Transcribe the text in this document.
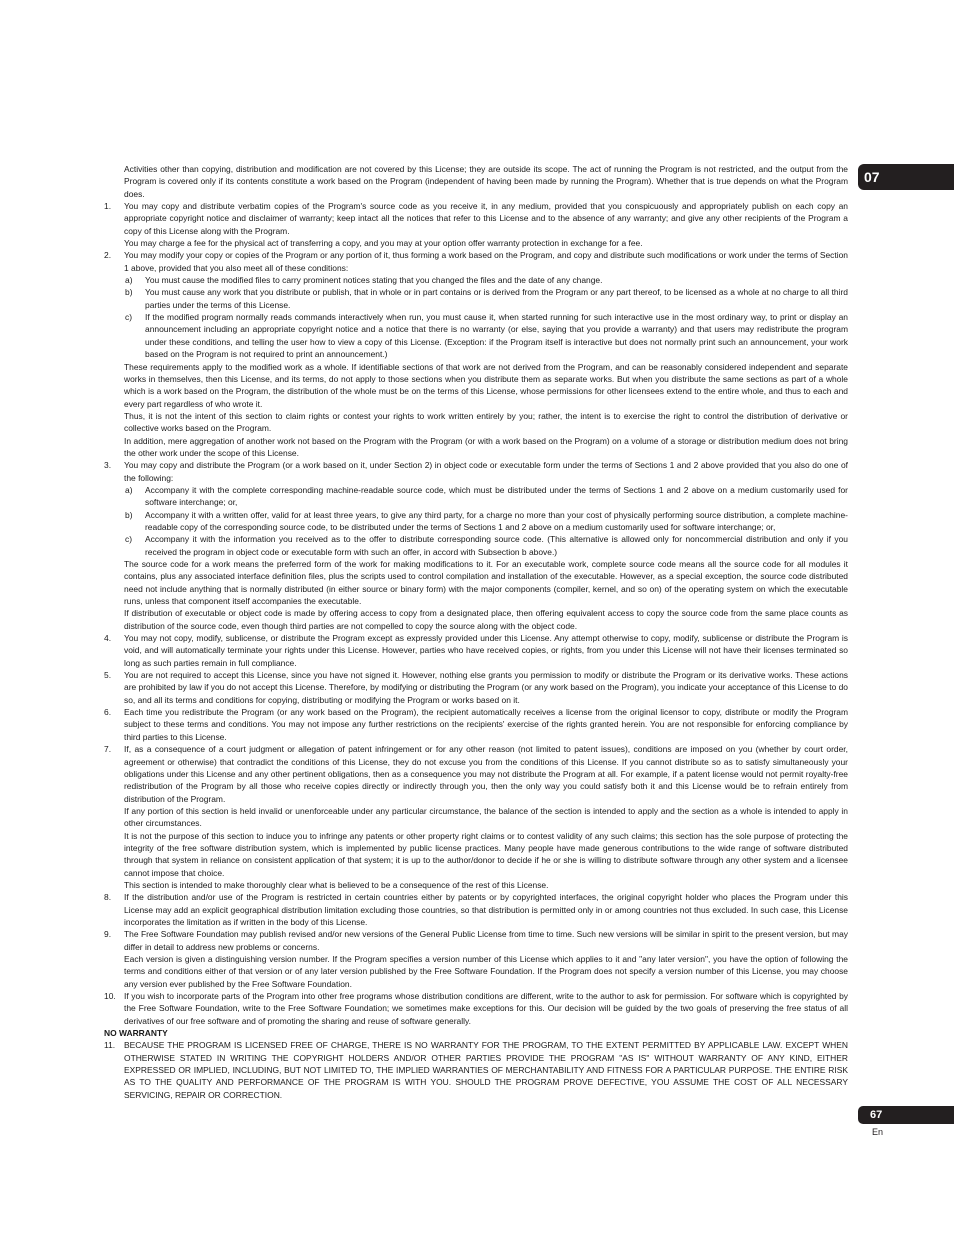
07

Activities other than copying, distribution and modification are not covered by this License; they are outside its scope. The act of running the Program is not restricted, and the output from the Program is covered only if its contents constitute a work based on the Program (independent of having been made by running the Program). Whether that is true depends on what the Program does.

1. You may copy and distribute verbatim copies of the Program's source code as you receive it, in any medium, provided that you conspicuously and appropriately publish on each copy an appropriate copyright notice and disclaimer of warranty; keep intact all the notices that refer to this License and to the absence of any warranty; and give any other recipients of the Program a copy of this License along with the Program.

You may charge a fee for the physical act of transferring a copy, and you may at your option offer warranty protection in exchange for a fee.

2. You may modify your copy or copies of the Program or any portion of it, thus forming a work based on the Program, and copy and distribute such modifications or work under the terms of Section 1 above, provided that you also meet all of these conditions:
a) You must cause the modified files to carry prominent notices stating that you changed the files and the date of any change.
b) You must cause any work that you distribute or publish, that in whole or in part contains or is derived from the Program or any part thereof, to be licensed as a whole at no charge to all third parties under the terms of this License.
c) If the modified program normally reads commands interactively when run, you must cause it, when started running for such interactive use in the most ordinary way, to print or display an announcement including an appropriate copyright notice and a notice that there is no warranty (or else, saying that you provide a warranty) and that users may redistribute the program under these conditions, and telling the user how to view a copy of this License. (Exception: if the Program itself is interactive but does not normally print such an announcement, your work based on the Program is not required to print an announcement.)

These requirements apply to the modified work as a whole. If identifiable sections of that work are not derived from the Program, and can be reasonably considered independent and separate works in themselves, then this License, and its terms, do not apply to those sections when you distribute them as separate works. But when you distribute the same sections as part of a whole which is a work based on the Program, the distribution of the whole must be on the terms of this License, whose permissions for other licensees extend to the entire whole, and thus to each and every part regardless of who wrote it.

Thus, it is not the intent of this section to claim rights or contest your rights to work written entirely by you; rather, the intent is to exercise the right to control the distribution of derivative or collective works based on the Program.

In addition, mere aggregation of another work not based on the Program with the Program (or with a work based on the Program) on a volume of a storage or distribution medium does not bring the other work under the scope of this License.

3. You may copy and distribute the Program (or a work based on it, under Section 2) in object code or executable form under the terms of Sections 1 and 2 above provided that you also do one of the following:
a) Accompany it with the complete corresponding machine-readable source code, which must be distributed under the terms of Sections 1 and 2 above on a medium customarily used for software interchange; or,
b) Accompany it with a written offer, valid for at least three years, to give any third party, for a charge no more than your cost of physically performing source distribution, a complete machine-readable copy of the corresponding source code, to be distributed under the terms of Sections 1 and 2 above on a medium customarily used for software interchange; or,
c) Accompany it with the information you received as to the offer to distribute corresponding source code. (This alternative is allowed only for noncommercial distribution and only if you received the program in object code or executable form with such an offer, in accord with Subsection b above.)

The source code for a work means the preferred form of the work for making modifications to it. For an executable work, complete source code means all the source code for all modules it contains, plus any associated interface definition files, plus the scripts used to control compilation and installation of the executable. However, as a special exception, the source code distributed need not include anything that is normally distributed (in either source or binary form) with the major components (compiler, kernel, and so on) of the operating system on which the executable runs, unless that component itself accompanies the executable.

If distribution of executable or object code is made by offering access to copy from a designated place, then offering equivalent access to copy the source code from the same place counts as distribution of the source code, even though third parties are not compelled to copy the source along with the object code.

4. You may not copy, modify, sublicense, or distribute the Program except as expressly provided under this License. Any attempt otherwise to copy, modify, sublicense or distribute the Program is void, and will automatically terminate your rights under this License. However, parties who have received copies, or rights, from you under this License will not have their licenses terminated so long as such parties remain in full compliance.
5. You are not required to accept this License, since you have not signed it. However, nothing else grants you permission to modify or distribute the Program or its derivative works. These actions are prohibited by law if you do not accept this License. Therefore, by modifying or distributing the Program (or any work based on the Program), you indicate your acceptance of this License to do so, and all its terms and conditions for copying, distributing or modifying the Program or works based on it.
6. Each time you redistribute the Program (or any work based on the Program), the recipient automatically receives a license from the original licensor to copy, distribute or modify the Program subject to these terms and conditions. You may not impose any further restrictions on the recipients' exercise of the rights granted herein. You are not responsible for enforcing compliance by third parties to this License.
7. If, as a consequence of a court judgment or allegation of patent infringement or for any other reason (not limited to patent issues), conditions are imposed on you (whether by court order, agreement or otherwise) that contradict the conditions of this License, they do not excuse you from the conditions of this License. If you cannot distribute so as to satisfy simultaneously your obligations under this License and any other pertinent obligations, then as a consequence you may not distribute the Program at all. For example, if a patent license would not permit royalty-free redistribution of the Program by all those who receive copies directly or indirectly through you, then the only way you could satisfy both it and this License would be to refrain entirely from distribution of the Program.

If any portion of this section is held invalid or unenforceable under any particular circumstance, the balance of the section is intended to apply and the section as a whole is intended to apply in other circumstances.

It is not the purpose of this section to induce you to infringe any patents or other property right claims or to contest validity of any such claims; this section has the sole purpose of protecting the integrity of the free software distribution system, which is implemented by public license practices. Many people have made generous contributions to the wide range of software distributed through that system in reliance on consistent application of that system; it is up to the author/donor to decide if he or she is willing to distribute software through any other system and a licensee cannot impose that choice.

This section is intended to make thoroughly clear what is believed to be a consequence of the rest of this License.

8. If the distribution and/or use of the Program is restricted in certain countries either by patents or by copyrighted interfaces, the original copyright holder who places the Program under this License may add an explicit geographical distribution limitation excluding those countries, so that distribution is permitted only in or among countries not thus excluded. In such case, this License incorporates the limitation as if written in the body of this License.
9. The Free Software Foundation may publish revised and/or new versions of the General Public License from time to time. Such new versions will be similar in spirit to the present version, but may differ in detail to address new problems or concerns.

Each version is given a distinguishing version number. If the Program specifies a version number of this License which applies to it and "any later version", you have the option of following the terms and conditions either of that version or of any later version published by the Free Software Foundation. If the Program does not specify a version number of this License, you may choose any version ever published by the Free Software Foundation.

10. If you wish to incorporate parts of the Program into other free programs whose distribution conditions are different, write to the author to ask for permission. For software which is copyrighted by the Free Software Foundation, write to the Free Software Foundation; we sometimes make exceptions for this. Our decision will be guided by the two goals of preserving the free status of all derivatives of our free software and of promoting the sharing and reuse of software generally.

NO WARRANTY

11. BECAUSE THE PROGRAM IS LICENSED FREE OF CHARGE, THERE IS NO WARRANTY FOR THE PROGRAM, TO THE EXTENT PERMITTED BY APPLICABLE LAW. EXCEPT WHEN OTHERWISE STATED IN WRITING THE COPYRIGHT HOLDERS AND/OR OTHER PARTIES PROVIDE THE PROGRAM "AS IS" WITHOUT WARRANTY OF ANY KIND, EITHER EXPRESSED OR IMPLIED, INCLUDING, BUT NOT LIMITED TO, THE IMPLIED WARRANTIES OF MERCHANTABILITY AND FITNESS FOR A PARTICULAR PURPOSE. THE ENTIRE RISK AS TO THE QUALITY AND PERFORMANCE OF THE PROGRAM IS WITH YOU. SHOULD THE PROGRAM PROVE DEFECTIVE, YOU ASSUME THE COST OF ALL NECESSARY SERVICING, REPAIR OR CORRECTION.
67
En
